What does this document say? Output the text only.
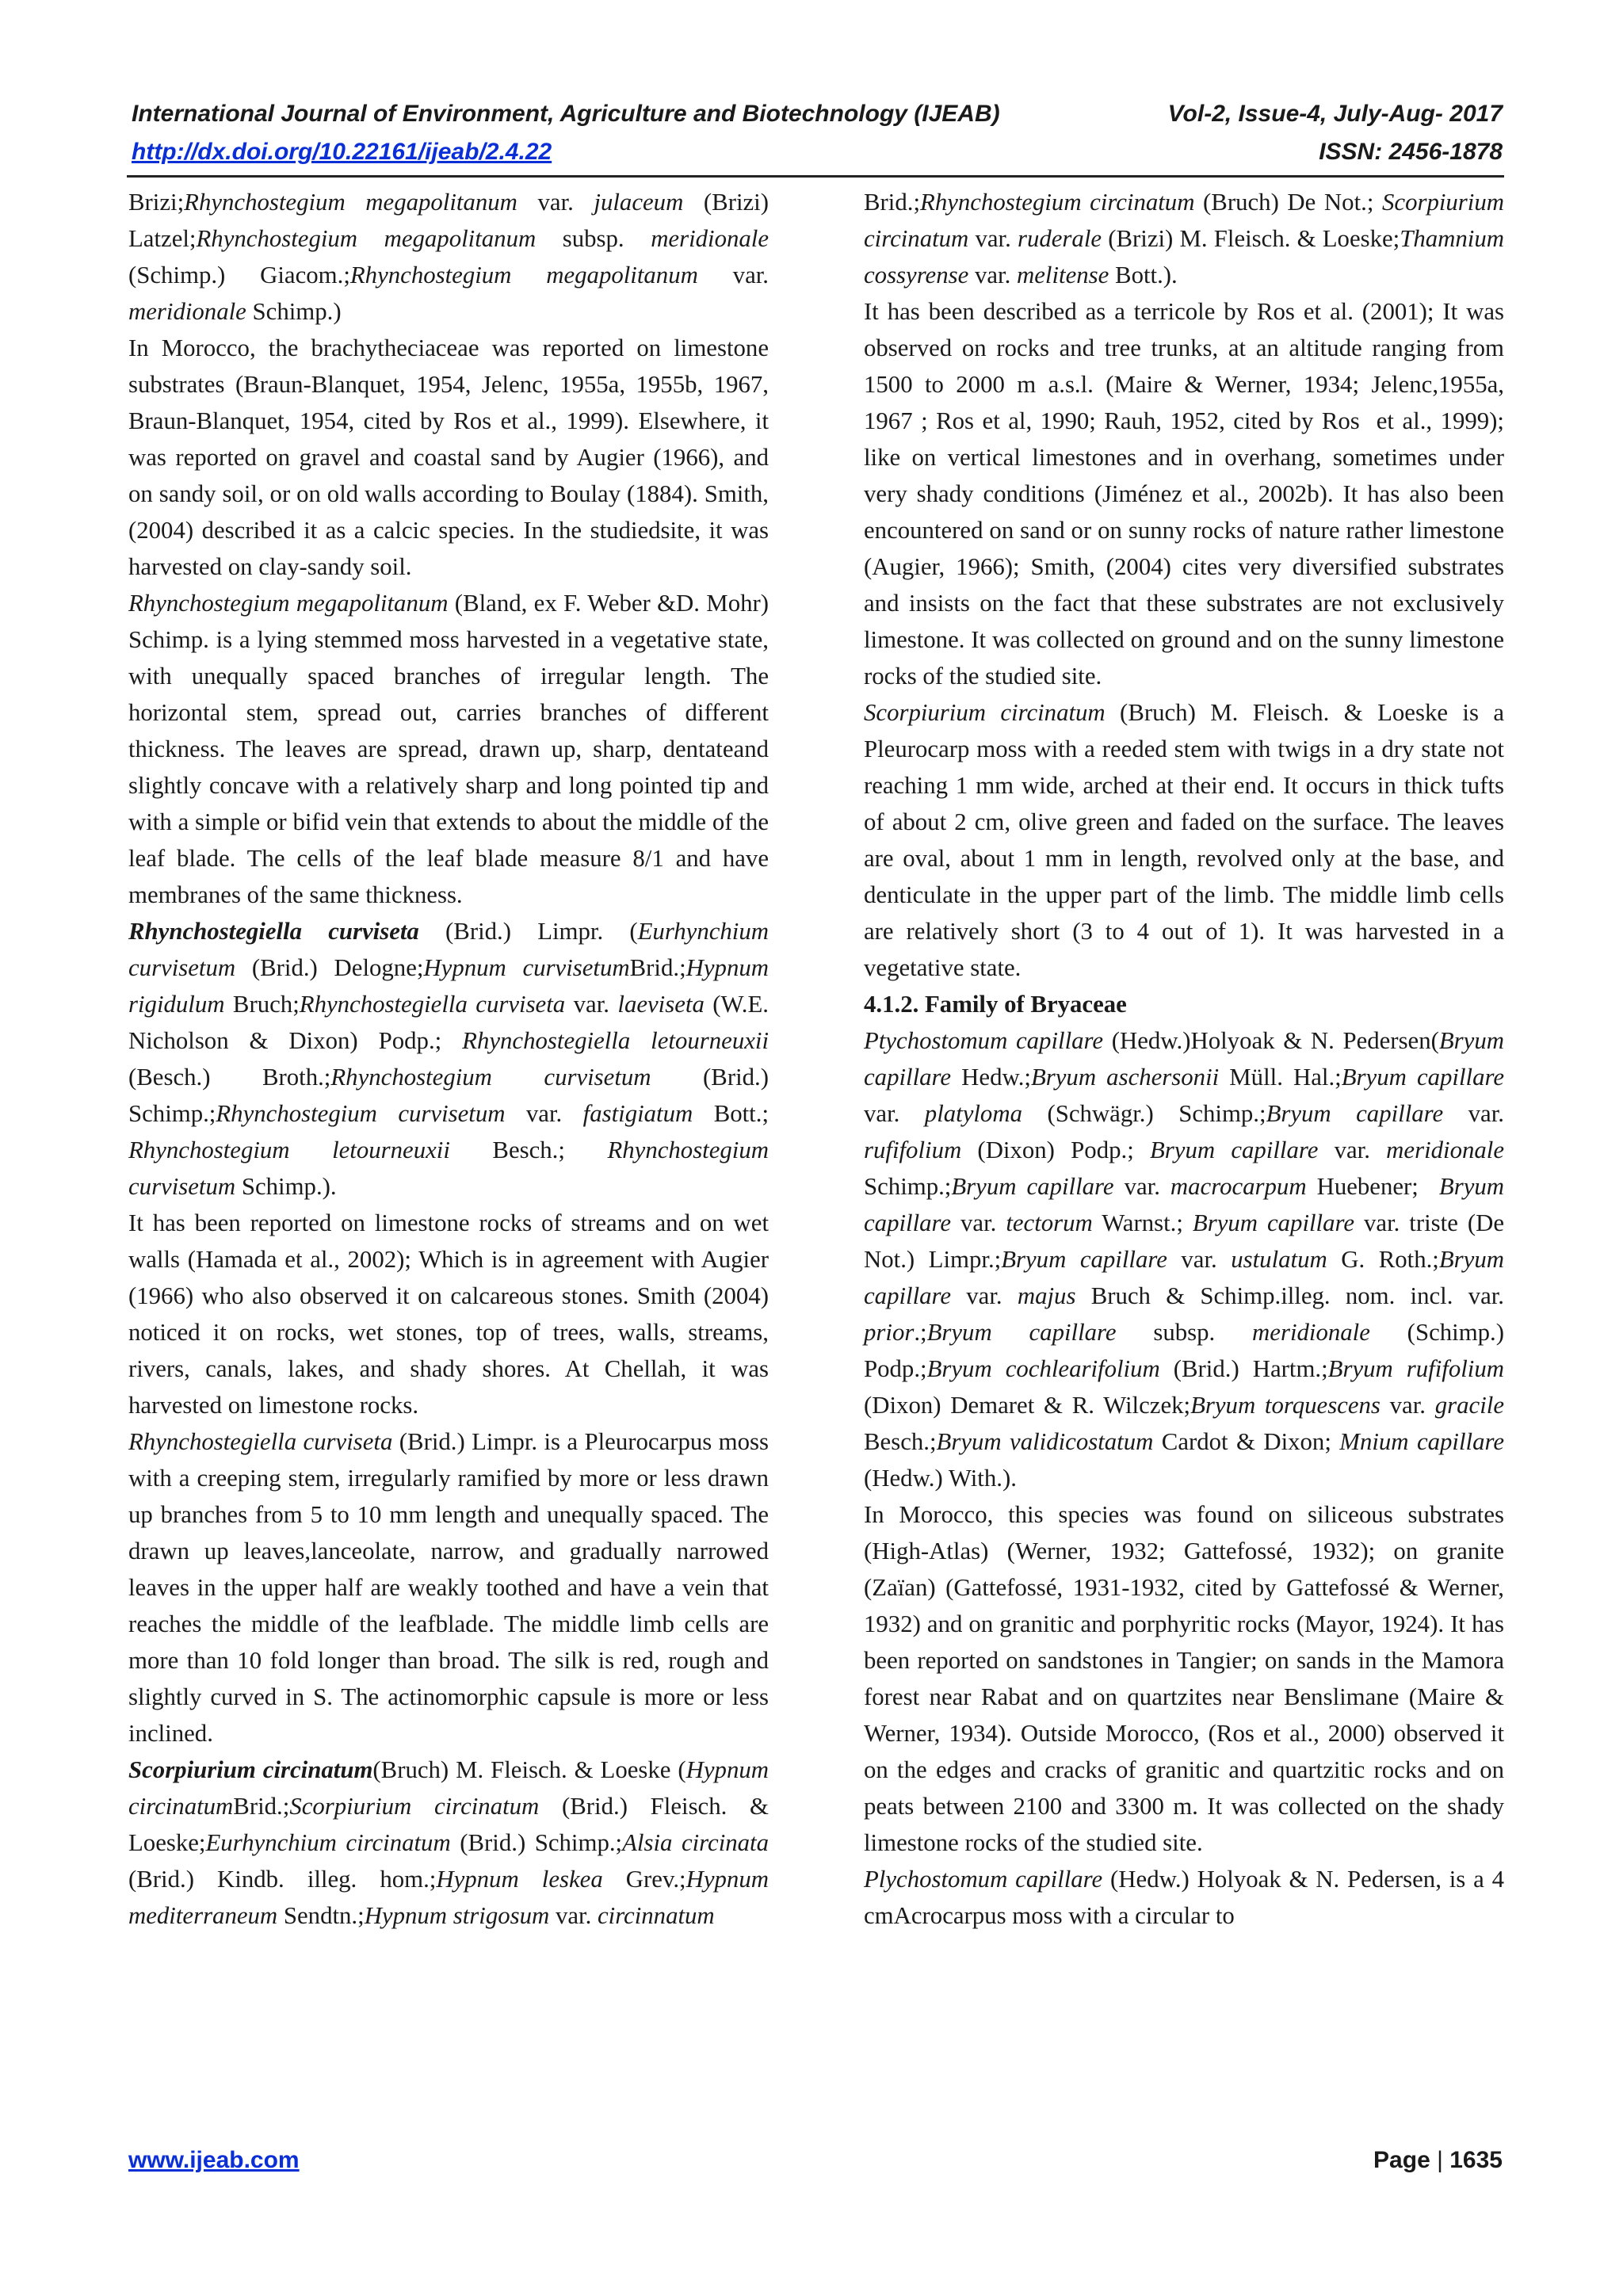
International Journal of Environment, Agriculture and Biotechnology (IJEAB)	Vol-2, Issue-4, July-Aug- 2017
http://dx.doi.org/10.22161/ijeab/2.4.22	ISSN: 2456-1878

Brizi;Rhynchostegium megapolitanum var. julaceum (Brizi) Latzel;Rhynchostegium megapolitanum subsp. meridionale (Schimp.) Giacom.;Rhynchostegium megapolitanum var. meridionale Schimp.)

In Morocco, the brachytheciaceae was reported on limestone substrates (Braun-Blanquet, 1954, Jelenc, 1955a, 1955b, 1967, Braun-Blanquet, 1954, cited by Ros et al., 1999). Elsewhere, it was reported on gravel and coastal sand by Augier (1966), and on sandy soil, or on old walls according to Boulay (1884). Smith, (2004) described it as a calcic species. In the studiedsite, it was harvested on clay-sandy soil.

Rhynchostegium megapolitanum (Bland, ex F. Weber &D. Mohr) Schimp. is a lying stemmed moss harvested in a vegetative state, with unequally spaced branches of irregular length. The horizontal stem, spread out, carries branches of different thickness. The leaves are spread, drawn up, sharp, dentateand slightly concave with a relatively sharp and long pointed tip and with a simple or bifid vein that extends to about the middle of the leaf blade. The cells of the leaf blade measure 8/1 and have membranes of the same thickness.

Rhynchostegiella curviseta (Brid.) Limpr. (Eurhynchium curvisetum (Brid.) Delogne;Hypnum curvisetumBrid.;Hypnum rigidulum Bruch;Rhynchostegiella curviseta var. laeviseta (W.E. Nicholson & Dixon) Podp.; Rhynchostegiella letourneuxii (Besch.) Broth.;Rhynchostegium curvisetum (Brid.) Schimp.;Rhynchostegium curvisetum var. fastigiatum Bott.; Rhynchostegium letourneuxii Besch.; Rhynchostegium curvisetum Schimp.).

It has been reported on limestone rocks of streams and on wet walls (Hamada et al., 2002); Which is in agreement with Augier (1966) who also observed it on calcareous stones. Smith (2004) noticed it on rocks, wet stones, top of trees, walls, streams, rivers, canals, lakes, and shady shores. At Chellah, it was harvested on limestone rocks.

Rhynchostegiella curviseta (Brid.) Limpr. is a Pleurocarpus moss with a creeping stem, irregularly ramified by more or less drawn up branches from 5 to 10 mm length and unequally spaced. The drawn up leaves,lanceolate, narrow, and gradually narrowed leaves in the upper half are weakly toothed and have a vein that reaches the middle of the leafblade. The middle limb cells are more than 10 fold longer than broad. The silk is red, rough and slightly curved in S. The actinomorphic capsule is more or less inclined.

Scorpiurium circinatum(Bruch) M. Fleisch. & Loeske (Hypnum circinatumBrid.;Scorpiurium circinatum (Brid.) Fleisch. & Loeske;Eurhynchium circinatum (Brid.) Schimp.;Alsia circinata (Brid.) Kindb. illeg. hom.;Hypnum leskea Grev.;Hypnum mediterraneum Sendtn.;Hypnum strigosum var. circinnatum

Brid.;Rhynchostegium circinatum (Bruch) De Not.; Scorpiurium circinatum var. ruderale (Brizi) M. Fleisch. & Loeske;Thamnium cossyrense var. melitense Bott.).

It has been described as a terricole by Ros et al. (2001); It was observed on rocks and tree trunks, at an altitude ranging from 1500 to 2000 m a.s.l. (Maire & Werner, 1934; Jelenc,1955a, 1967 ; Ros et al, 1990; Rauh, 1952, cited by Ros  et al., 1999); like on vertical limestones and in overhang, sometimes under very shady conditions (Jiménez et al., 2002b). It has also been encountered on sand or on sunny rocks of nature rather limestone (Augier, 1966); Smith, (2004) cites very diversified substrates and insists on the fact that these substrates are not exclusively limestone. It was collected on ground and on the sunny limestone rocks of the studied site.

Scorpiurium circinatum (Bruch) M. Fleisch. & Loeske is a Pleurocarp moss with a reeded stem with twigs in a dry state not reaching 1 mm wide, arched at their end. It occurs in thick tufts of about 2 cm, olive green and faded on the surface. The leaves are oval, about 1 mm in length, revolved only at the base, and denticulate in the upper part of the limb. The middle limb cells are relatively short (3 to 4 out of 1). It was harvested in a vegetative state.

4.1.2. Family of Bryaceae

Ptychostomum capillare (Hedw.)Holyoak & N. Pedersen(Bryum capillare Hedw.;Bryum aschersonii Müll. Hal.;Bryum capillare var. platyloma (Schwägr.) Schimp.;Bryum capillare var. rufifolium (Dixon) Podp.; Bryum capillare var. meridionale Schimp.;Bryum capillare var. macrocarpum Huebener;  Bryum capillare var. tectorum Warnst.; Bryum capillare var. triste (De Not.) Limpr.;Bryum capillare var. ustulatum G. Roth.;Bryum capillare var. majus Bruch & Schimp.illeg. nom. incl. var. prior.;Bryum capillare subsp. meridionale (Schimp.) Podp.;Bryum cochlearifolium (Brid.) Hartm.;Bryum rufifolium (Dixon) Demaret & R. Wilczek;Bryum torquescens var. gracile Besch.;Bryum validicostatum Cardot & Dixon; Mnium capillare (Hedw.) With.).

In Morocco, this species was found on siliceous substrates (High-Atlas) (Werner, 1932; Gattefossé, 1932); on granite (Zaïan) (Gattefossé, 1931-1932, cited by Gattefossé & Werner, 1932) and on granitic and porphyritic rocks (Mayor, 1924). It has been reported on sandstones in Tangier; on sands in the Mamora forest near Rabat and on quartzites near Benslimane (Maire & Werner, 1934). Outside Morocco, (Ros et al., 2000) observed it on the edges and cracks of granitic and quartzitic rocks and on peats between 2100 and 3300 m. It was collected on the shady limestone rocks of the studied site.

Plychostomum capillare (Hedw.) Holyoak & N. Pedersen, is a 4 cmAcrocarpus moss with a circular to

www.ijeab.com	Page | 1635
